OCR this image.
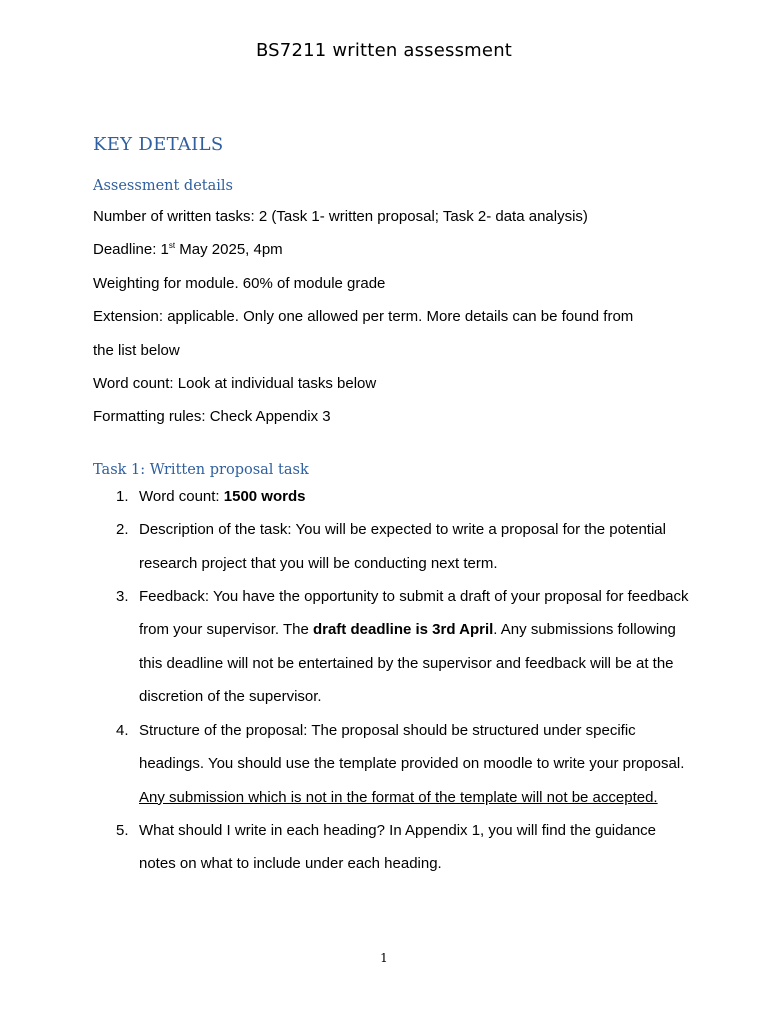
BS7211 written assessment
KEY DETAILS
Assessment details
Number of written tasks: 2 (Task 1- written proposal; Task 2- data analysis)
Deadline: 1st May 2025, 4pm
Weighting for module. 60% of module grade
Extension: applicable. Only one allowed per term. More details can be found from
the list below
Word count: Look at individual tasks below
Formatting rules: Check Appendix 3
Task 1: Written proposal task
1. Word count: 1500 words
2. Description of the task: You will be expected to write a proposal for the potential research project that you will be conducting next term.
3. Feedback: You have the opportunity to submit a draft of your proposal for feedback from your supervisor. The draft deadline is 3rd April. Any submissions following this deadline will not be entertained by the supervisor and feedback will be at the discretion of the supervisor.
4. Structure of the proposal: The proposal should be structured under specific headings. You should use the template provided on moodle to write your proposal.
Any submission which is not in the format of the template will not be accepted.
5. What should I write in each heading? In Appendix 1, you will find the guidance notes on what to include under each heading.
1
